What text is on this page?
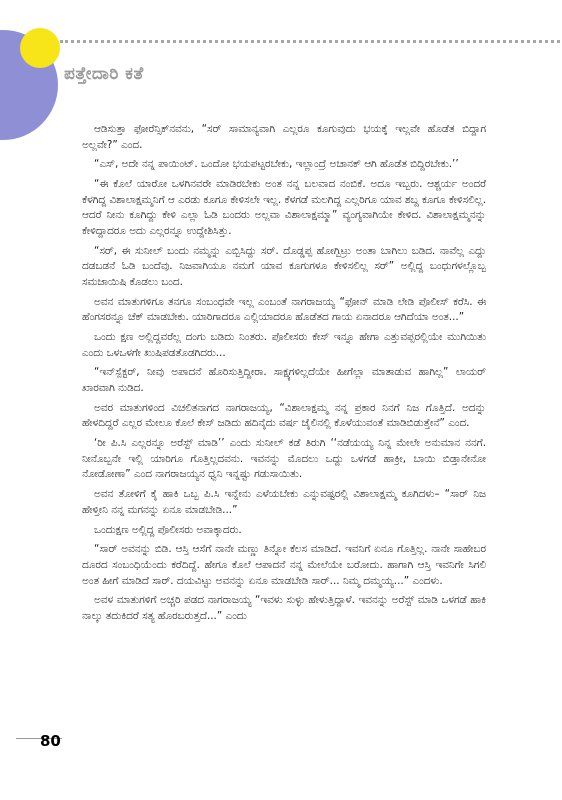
ಪತ್ತೇದಾರಿ ಕತೆ

ಆಡಿಸುತ್ತಾ ಫೋರೆನ್ಸಿಕ್‌ನವನು, “ಸರ್ ಸಾಮಾನ್ಯವಾಗಿ ಎಲ್ಲರೂ ಕೂಗುವುದು ಭಯಕ್ಕೆ ಇಲ್ಲವೇ ಹೊಡೆತ ಬಿದ್ದಾಗ ಅಲ್ಲವೇ?” ಎಂದ.

“ಎಸ್, ಅದೇ ನನ್ನ ಪಾಯಿಂಟ್. ಒಂದೋ ಭಯಪಟ್ಟರಬೇಕು, ಇಲ್ಲಾಂದ್ರೆ ಅಚಾನಕ್ ಆಗಿ ಹೊಡೆತ ಬಿದ್ದಿರಬೇಕು.’’

“ಈ ಕೊಲೆ ಯಾರೋ ಒಳಗಿನವರೇ ಮಾಡಿರಬೇಕು ಅಂತ ನನ್ನ ಬಲವಾದ ನಂಬಿಕೆ. ಅದೂ ಇಬ್ಬರು. ಆಶ್ಚರ್ಯ ಅಂದರೆ ಕೆಳಗಿದ್ದ ವಿಶಾಲಾಕ್ಷಮ್ಮನಿಗೆ ಆ ಎರಡು ಕೂಗೂ ಕೇಳಿಸಲೇ ಇಲ್ಲ. ಕೆಳಗಡೆ ಮಲಗಿದ್ದ ಎಲ್ಲರಿಗೂ ಯಾವ ಶಬ್ದ ಕೂಗೂ ಕೇಳಿಸಲಿಲ್ಲ. ಆದರೆ ನೀನು ಕೂಗಿದ್ದು ಕೇಳಿ ಎಲ್ಲಾ ಓಡಿ ಬಂದರು ಅಲ್ಲವಾ ವಿಶಾಲಾಕ್ಷಮ್ಮಾ” ವ್ಯಂಗ್ಯವಾಗಿಯೇ ಕೇಳಿದ. ವಿಶಾಲಾಕ್ಷಮ್ಮನನ್ನು ಕೇಳಿದ್ದಾದರೂ ಅದು ಎಲ್ಲರನ್ನೂ ಉದ್ದೇಶಿಸಿತ್ತು.

“ಸರ್, ಈ ಸುನೀಲ್ ಬಂದು ನಮ್ಮನ್ನು ಎಬ್ಬಿಸಿದ್ದು ಸರ್. ದೊಡ್ಡಪ್ಪ ಹೋಗ್ಬಿಟ್ರು ಅಂತಾ ಬಾಗಿಲು ಬಡಿದ. ನಾವೆಲ್ಲ ಎದ್ದು ದಡಬಡನೆ ಓಡಿ ಬಂದೆವು. ನಿಜವಾಗಿಯೂ ನಮಗೆ ಯಾವ ಕೂಗುಗಳೂ ಕೇಳಿಸಲಿಲ್ಲ ಸರ್” ಅಲ್ಲಿದ್ದ ಬಂಧುಗಳಲ್ಲೊಬ್ಬ ಸಮಜಾಯಿಷಿ ಕೊಡಲು ಬಂದ.

ಅವನ ಮಾತುಗಳಿಗೂ ತನಗೂ ಸಂಬಂಧವೇ ಇಲ್ಲ ಎಂಬಂತೆ ನಾಗರಾಜಯ್ಯ “ಫೋನ್ ಮಾಡಿ ಲೇಡಿ ಪೊಲೀಸ್ ಕರೆಸಿ. ಈ ಹೆಂಗಸರನ್ನೂ ಚೆಕ್ ಮಾಡಬೇಕು. ಯಾರಿಗಾದರೂ ಎಲ್ಲಿಯಾದರೂ ಹೊಡೆತದ ಗಾಯ ಏನಾದರೂ ಆಗಿದೆಯಾ ಅಂತ...”

ಒಂದು ಕ್ಷಣ ಅಲ್ಲಿದ್ದವರೆಲ್ಲ ದಂಗು ಬಡಿದು ನಿಂತರು. ಪೊಲೀಸರು ಕೇಸ್ ಇನ್ನೂ ಹೇಗಾ ಎತ್ತುವಪ್ಪರಲ್ಲಿಯೇ ಮುಗಿಯಿತು ಎಂದು ಒಳಒಳಗೇ ಖುಷಿಪಡತೊಡಗಿದರು...

“ಇನ್‌ಸ್ಪೆಕ್ಟರ್, ನೀವು ಅಪಾದನೆ ಹೊರಿಸುತ್ತಿದ್ದೀರಾ. ಸಾಕ್ಷ್ಯಗಳಿಲ್ಲದೆಯೇ ಹೀಗೆಲ್ಲಾ ಮಾತಾಡುವ ಹಾಗಿಲ್ಲ” ಲಾಯರ್ ಖಾರವಾಗಿ ನುಡಿದ.

ಅವರ ಮಾತುಗಳಿಂದ ವಿಚಲಿತನಾಗದ ನಾಗರಾಜಯ್ಯ, “ವಿಶಾಲಾಕ್ಷಮ್ಮ ನನ್ನ ಪ್ರಕಾರ ನಿನಗೆ ನಿಜ ಗೊತ್ತಿದೆ. ಅದನ್ನು ಹೇಳದಿದ್ದರೆ ಎಲ್ಲರ ಮೇಲೂ ಕೊಲೆ ಕೇಸ್ ಜಡಿದು ಹದಿನೈದು ವರ್ಷ ಜೈಲಿನಲ್ಲಿ ಕೊಳೆಯುವಂತೆ ಮಾಡಿಬಿಡುತ್ತೇನೆ” ಎಂದ.

‘ರೀ ಪಿ.ಸಿ ಎಲ್ಲರನ್ನೂ ಅರೆಸ್ಟ್ ಮಾಡಿ’’ ಎಂದು ಸುನೀಲ್ ಕಡೆ ತಿರುಗಿ ‘‘ನಡೆಯಯ್ಯ ನಿನ್ನ ಮೇಲೇ ಅನುಮಾನ ನನಗೆ. ನೀನೊಬ್ಬನೇ ಇಲ್ಲಿ ಯಾರಿಗೂ ಗೊತ್ತಿಲ್ಲದವನು. ಇವನನ್ನು ಮೊದಲು ಒದ್ದು ಒಳಗಡೆ ಹಾಕ್ರೀ, ಬಾಯಿ ಬಿಡ್ತಾನೇನೋ ನೋಡೋಣಾ” ಎಂದ ನಾಗರಾಜಯ್ಯನ ಧ್ವನಿ ಇನ್ನಷ್ಟು ಗಡುಸಾಯಿತು.

ಅವನ ತೋಳಿಗೆ ಕೈ ಹಾಕಿ ಒಬ್ಬ ಪಿ.ಸಿ ಇನ್ನೇನು ಎಳೆಯಬೇಕು ಎನ್ನುವಷ್ಟರಲ್ಲಿ ವಿಶಾಲಾಕ್ಷಮ್ಮ ಕೂಗಿದಳು– “ಸಾರ್ ನಿಜ ಹೇಳ್ತೀನಿ ನನ್ನ ಮಗನನ್ನು ಏನೂ ಮಾಡಬೇಡಿ...”

ಒಂದುಕ್ಷಣ ಅಲ್ಲಿದ್ದ ಪೊಲೀಸರು ಅವಾಕ್ಕಾದರು.

“ಸಾರ್ ಅವನನ್ನು ಬಿಡಿ. ಆಸ್ತಿ ಆಸೆಗೆ ನಾನೇ ಮಣ್ಣು ತಿನ್ನೋ ಕೆಲಸ ಮಾಡಿದೆ. ಇವನಿಗೆ ಏನೂ ಗೊತ್ತಿಲ್ಲ. ನಾನೇ ಸಾಹೇಬರ ದೂರದ ಸಂಬಂಧಿಯೆಂದು ಕರೆದಿದ್ದೆ. ಹೇಗೂ ಕೊಲೆ ಆಪಾದನೆ ನನ್ನ ಮೇಲೆಯೇ ಬರೋದು. ಹಾಗಾಗಿ ಆಸ್ತಿ ಇವನಿಗೇ ಸಿಗಲಿ ಅಂತ ಹೀಗೆ ಮಾಡಿದೆ ಸಾರ್. ದಯವಿಟ್ಟು ಅವನನ್ನು ಏನೂ ಮಾಡಬೇಡಿ ಸಾರ್... ನಿಮ್ಮ ದಮ್ಮಯ್ಯ...” ಎಂದಳು.

ಅವಳ ಮಾತುಗಳಿಗೆ ಅಚ್ಚರಿ ಪಡದ ನಾಗರಾಜಯ್ಯ “ಇವಳು ಸುಳ್ಳು ಹೇಳುತ್ತಿದ್ದಾಳೆ. ಇವನನ್ನು ಅರೆಸ್ಟ್ ಮಾಡಿ ಒಳಗಡೆ ಹಾಕಿ ನಾಲ್ಕು ತದುಕಿದರೆ ಸತ್ಯ ಹೊರಬರುತ್ತದೆ...” ಎಂದು

80
